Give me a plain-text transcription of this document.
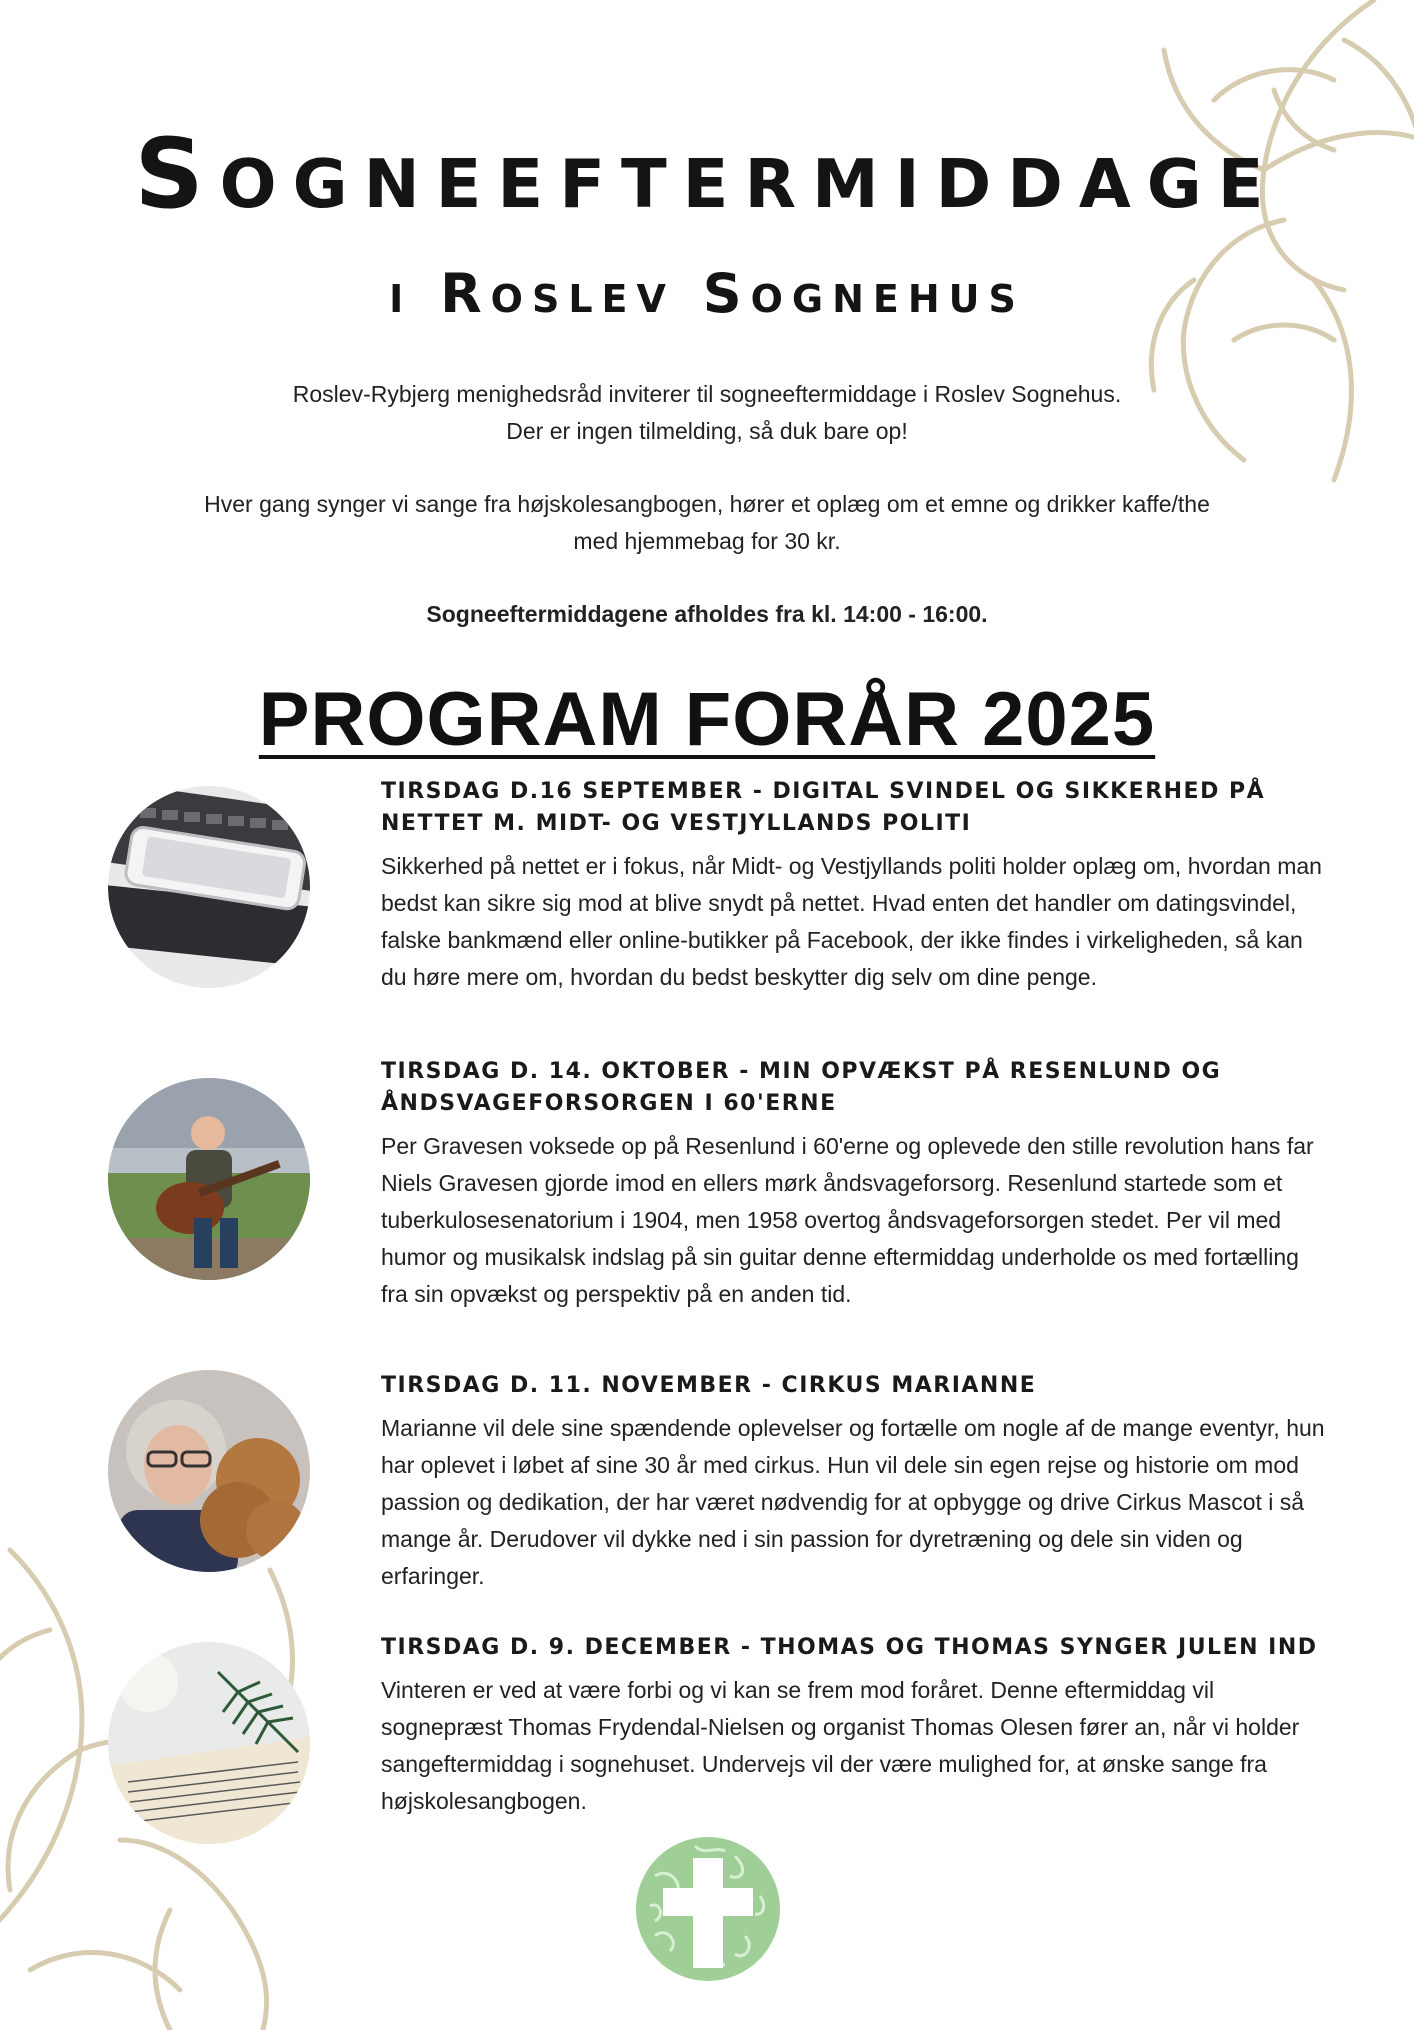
Sogneeftermiddage
i Roslev Sognehus

Roslev-Rybjerg menighedsråd inviterer til sogneeftermiddage i Roslev Sognehus.

Der er ingen tilmelding, så duk bare op!

Hver gang synger vi sange fra højskolesangbogen, hører et oplæg om et emne og drikker kaffe/the

med hjemmebag for 30 kr.

Sogneeftermiddagene afholdes fra kl. 14:00 - 16:00.

PROGRAM FORÅR 2025
TIRSDAG D.16 SEPTEMBER - DIGITAL SVINDEL OG SIKKERHED PÅ NETTET M. MIDT- OG VESTJYLLANDS POLITI

Sikkerhed på nettet er i fokus, når Midt- og Vestjyllands politi holder oplæg om, hvordan man bedst kan sikre sig mod at blive snydt på nettet. Hvad enten det handler om datingsvindel, falske bankmænd eller online-butikker på Facebook, der ikke findes i virkeligheden, så kan du høre mere om, hvordan du bedst beskytter dig selv om dine penge.

TIRSDAG D. 14. OKTOBER - MIN OPVÆKST PÅ RESENLUND OG ÅNDSVAGEFORSORGEN I 60'ERNE

Per Gravesen voksede op på Resenlund i 60'erne og oplevede den stille revolution hans far Niels Gravesen gjorde imod en ellers mørk åndsvageforsorg. Resenlund startede som et tuberkulosesenatorium i 1904, men 1958 overtog åndsvageforsorgen stedet. Per vil med humor og musikalsk indslag på sin guitar denne eftermiddag underholde os med fortælling fra sin opvækst og perspektiv på en anden tid.

TIRSDAG D. 11. NOVEMBER - CIRKUS MARIANNE

Marianne vil dele sine spændende oplevelser og fortælle om nogle af de mange eventyr, hun har oplevet i løbet af sine 30 år med cirkus. Hun vil dele sin egen rejse og historie om mod passion og dedikation, der har været nødvendig for at opbygge og drive Cirkus Mascot i så mange år. Derudover vil dykke ned i sin passion for dyretræning og dele sin viden og erfaringer.

TIRSDAG D. 9. DECEMBER - THOMAS OG THOMAS SYNGER JULEN IND

Vinteren er ved at være forbi og vi kan se frem mod foråret. Denne eftermiddag vil sognepræst Thomas Frydendal-Nielsen og organist Thomas Olesen fører an, når vi holder sangeftermiddag i sognehuset. Undervejs vil der være mulighed for, at ønske sange fra højskolesangbogen.
